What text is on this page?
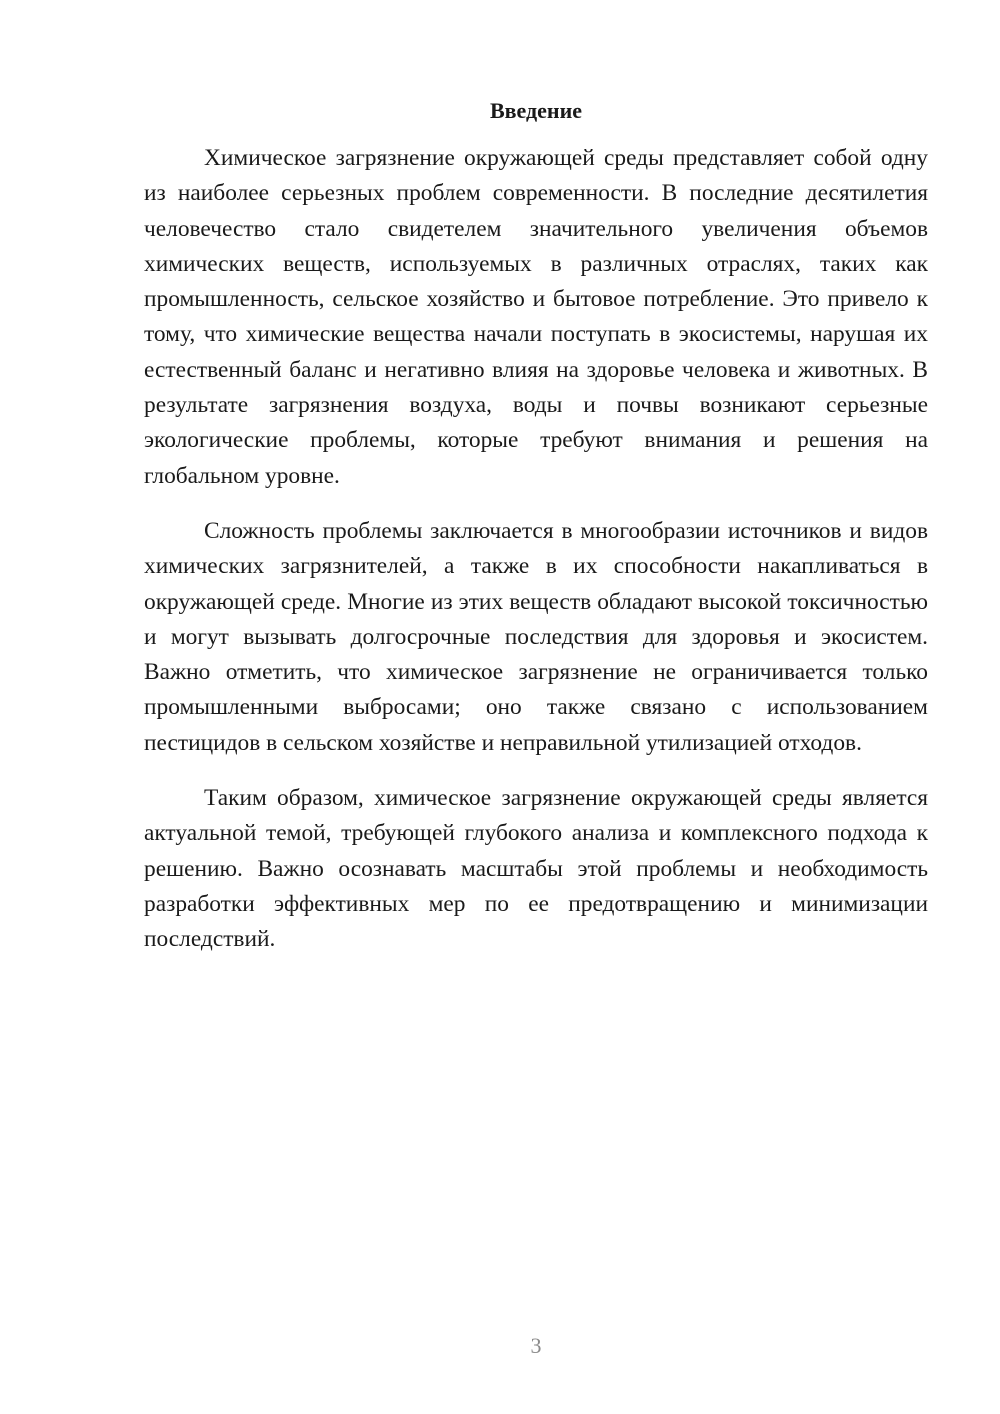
Введение

Химическое загрязнение окружающей среды представляет собой одну из наиболее серьезных проблем современности. В последние десятилетия человечество стало свидетелем значительного увеличения объемов химических веществ, используемых в различных отраслях, таких как промышленность, сельское хозяйство и бытовое потребление. Это привело к тому, что химические вещества начали поступать в экосистемы, нарушая их естественный баланс и негативно влияя на здоровье человека и животных. В результате загрязнения воздуха, воды и почвы возникают серьезные экологические проблемы, которые требуют внимания и решения на глобальном уровне.

Сложность проблемы заключается в многообразии источников и видов химических загрязнителей, а также в их способности накапливаться в окружающей среде. Многие из этих веществ обладают высокой токсичностью и могут вызывать долгосрочные последствия для здоровья и экосистем. Важно отметить, что химическое загрязнение не ограничивается только промышленными выбросами; оно также связано с использованием пестицидов в сельском хозяйстве и неправильной утилизацией отходов.

Таким образом, химическое загрязнение окружающей среды является актуальной темой, требующей глубокого анализа и комплексного подхода к решению. Важно осознавать масштабы этой проблемы и необходимость разработки эффективных мер по ее предотвращению и минимизации последствий.

3
